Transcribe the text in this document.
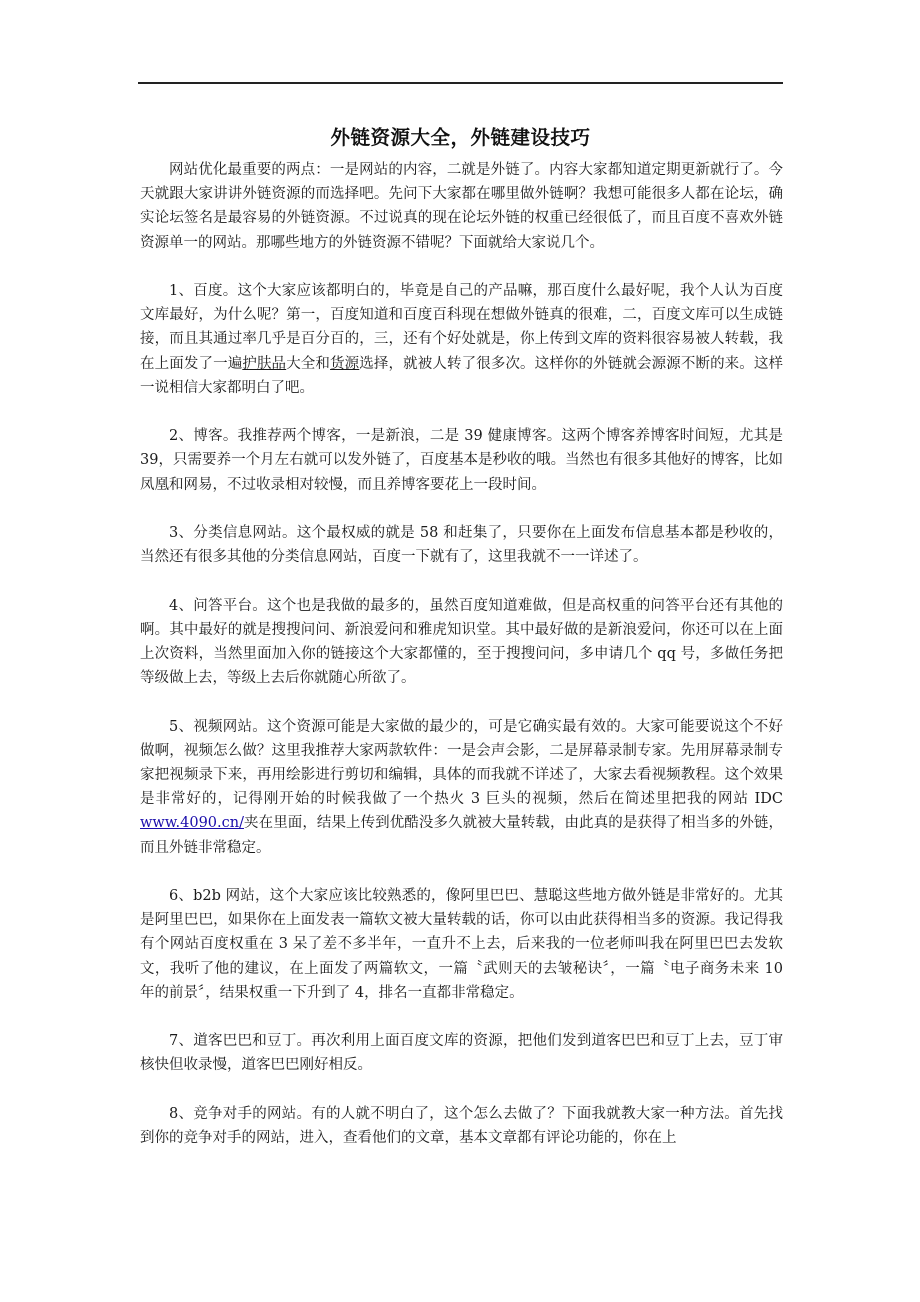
外链资源大全，外链建设技巧

网站优化最重要的两点：一是网站的内容，二就是外链了。内容大家都知道定期更新就行了。今天就跟大家讲讲外链资源的而选择吧。先问下大家都在哪里做外链啊？我想可能很多人都在论坛，确实论坛签名是最容易的外链资源。不过说真的现在论坛外链的权重已经很低了，而且百度不喜欢外链资源单一的网站。那哪些地方的外链资源不错呢？下面就给大家说几个。

1、百度。这个大家应该都明白的，毕竟是自己的产品嘛，那百度什么最好呢，我个人认为百度文库最好，为什么呢？第一，百度知道和百度百科现在想做外链真的很难，二，百度文库可以生成链接，而且其通过率几乎是百分百的，三，还有个好处就是，你上传到文库的资料很容易被人转载，我在上面发了一遍护肤品大全和货源选择，就被人转了很多次。这样你的外链就会源源不断的来。这样一说相信大家都明白了吧。

2、博客。我推荐两个博客，一是新浪，二是 39 健康博客。这两个博客养博客时间短，尤其是 39，只需要养一个月左右就可以发外链了，百度基本是秒收的哦。当然也有很多其他好的博客，比如凤凰和网易，不过收录相对较慢，而且养博客要花上一段时间。

3、分类信息网站。这个最权威的就是 58 和赶集了，只要你在上面发布信息基本都是秒收的，当然还有很多其他的分类信息网站，百度一下就有了，这里我就不一一详述了。

4、问答平台。这个也是我做的最多的，虽然百度知道难做，但是高权重的问答平台还有其他的啊。其中最好的就是搜搜问问、新浪爱问和雅虎知识堂。其中最好做的是新浪爱问，你还可以在上面上次资料，当然里面加入你的链接这个大家都懂的，至于搜搜问问，多申请几个 qq 号，多做任务把等级做上去，等级上去后你就随心所欲了。

5、视频网站。这个资源可能是大家做的最少的，可是它确实最有效的。大家可能要说这个不好做啊，视频怎么做？这里我推荐大家两款软件：一是会声会影，二是屏幕录制专家。先用屏幕录制专家把视频录下来，再用绘影进行剪切和编辑，具体的而我就不详述了，大家去看视频教程。这个效果是非常好的，记得刚开始的时候我做了一个热火 3 巨头的视频，然后在简述里把我的网站 IDC www.4090.cn/夹在里面，结果上传到优酷没多久就被大量转载，由此真的是获得了相当多的外链，而且外链非常稳定。

6、b2b 网站，这个大家应该比较熟悉的，像阿里巴巴、慧聪这些地方做外链是非常好的。尤其是阿里巴巴，如果你在上面发表一篇软文被大量转载的话，你可以由此获得相当多的资源。我记得我有个网站百度权重在 3 呆了差不多半年，一直升不上去，后来我的一位老师叫我在阿里巴巴去发软文，我听了他的建议，在上面发了两篇软文，一篇〝武则天的去皱秘诀〞，一篇〝电子商务未来 10 年的前景〞，结果权重一下升到了 4，排名一直都非常稳定。

7、道客巴巴和豆丁。再次利用上面百度文库的资源，把他们发到道客巴巴和豆丁上去，豆丁审核快但收录慢，道客巴巴刚好相反。

8、竞争对手的网站。有的人就不明白了，这个怎么去做了？下面我就教大家一种方法。首先找到你的竞争对手的网站，进入，查看他们的文章，基本文章都有评论功能的，你在上
